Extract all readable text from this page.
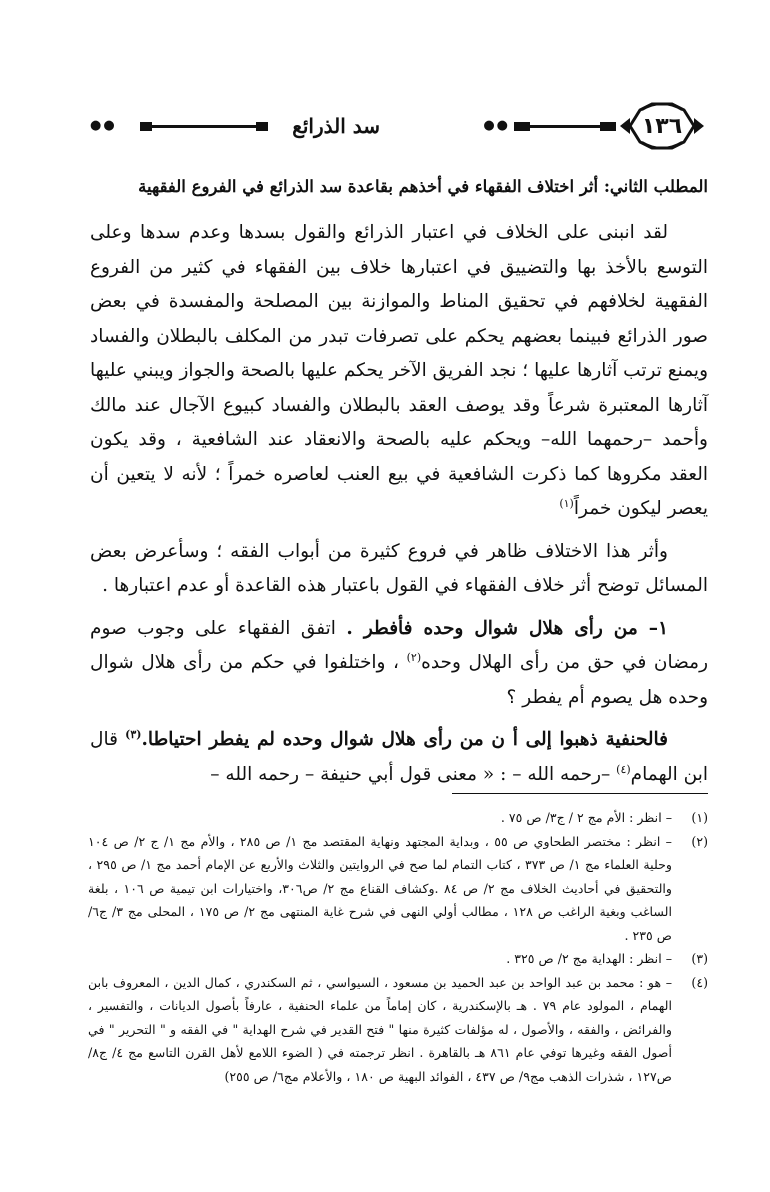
١٣٦
●●
سد الذرائع
●●

المطلب الثاني: أثر اختلاف الفقهاء في أخذهم بقاعدة سد الذرائع في الفروع الفقهية

لقد انبنى على الخلاف في اعتبار الذرائع والقول بسدها وعدم سدها وعلى التوسع بالأخذ بها والتضييق في اعتبارها خلاف بين الفقهاء في كثير من الفروع الفقهية لخلافهم في تحقيق المناط والموازنة بين المصلحة والمفسدة في بعض صور الذرائع فبينما بعضهم يحكم على تصرفات تبدر من المكلف بالبطلان والفساد ويمنع ترتب آثارها عليها ؛ نجد الفريق الآخر يحكم عليها بالصحة والجواز ويبني عليها آثارها المعتبرة شرعاً وقد يوصف العقد بالبطلان والفساد كبيوع الآجال عند مالك وأحمد –رحمهما الله– ويحكم عليه بالصحة والانعقاد عند الشافعية ، وقد يكون العقد مكروها كما ذكرت الشافعية في بيع العنب لعاصره خمراً ؛ لأنه لا يتعين أن يعصر ليكون خمراً$^{(١)}$

وأثر هذا الاختلاف ظاهر في فروع كثيرة من أبواب الفقه ؛ وسأعرض بعض المسائل توضح أثر خلاف الفقهاء في القول باعتبار هذه القاعدة أو عدم اعتبارها .

١– من رأى هلال شوال وحده فأفطر . اتفق الفقهاء على وجوب صوم رمضان في حق من رأى الهلال وحده$^{(٢)}$ ، واختلفوا في حكم من رأى هلال شوال وحده هل يصوم أم يفطر ؟

فالحنفية ذهبوا إلى أ ن من رأى هلال شوال وحده لم يفطر احتياطا.$^{(٣)}$ قال ابن الهمام$^{(٤)}$ –رحمه الله – : « معنى قول أبي حنيفة – رحمه الله –

(١)
– انظر : الأم مج ٢ / ج٣/ ص ٧٥ .

(٢)
– انظر : مختصر الطحاوي ص ٥٥ ، وبداية المجتهد ونهاية المقتصد مج ١/ ص ٢٨٥ ، والأم مج ١/ ج ٢/ ص ١٠٤ وحلية العلماء مج ١/ ص ٣٧٣ ، كتاب التمام لما صح في الروايتين والثلاث والأربع عن الإمام أحمد مج ١/ ص ٢٩٥ ، والتحقيق في أحاديث الخلاف مج ٢/ ص ٨٤ .وكشاف القناع مج ٢/ ص٣٠٦، واختيارات ابن تيمية ص ١٠٦ ، بلغة الساغب وبغية الراغب ص ١٢٨ ، مطالب أولي النهى في شرح غاية المنتهى مج ٢/ ص ١٧٥ ، المحلى مج ٣/ ج٦/ ص ٢٣٥ .

(٣)
– انظر : الهداية مج ٢/ ص ٣٢٥ .

(٤)
– هو : محمد بن عبد الواحد بن عبد الحميد بن مسعود ، السيواسي ، ثم السكندري ، كمال الدين ، المعروف بابن الهمام ، المولود عام ٧٩ . هـ بالإسكندرية ، كان إماماً من علماء الحنفية ، عارفاً بأصول الديانات ، والتفسير ، والفرائض ، والفقه ، والأصول ، له مؤلفات كثيرة منها " فتح القدير في شرح الهداية " في الفقه و " التحرير " في أصول الفقه وغيرها توفي عام ٨٦١ هـ بالقاهرة . انظر ترجمته في ( الضوء اللامع لأهل القرن التاسع مج ٤/ ج٨/ ص١٢٧ ، شذرات الذهب مج٩/ ص ٤٣٧ ، الفوائد البهية ص ١٨٠ ، والأعلام مج٦/ ص ٢٥٥)
